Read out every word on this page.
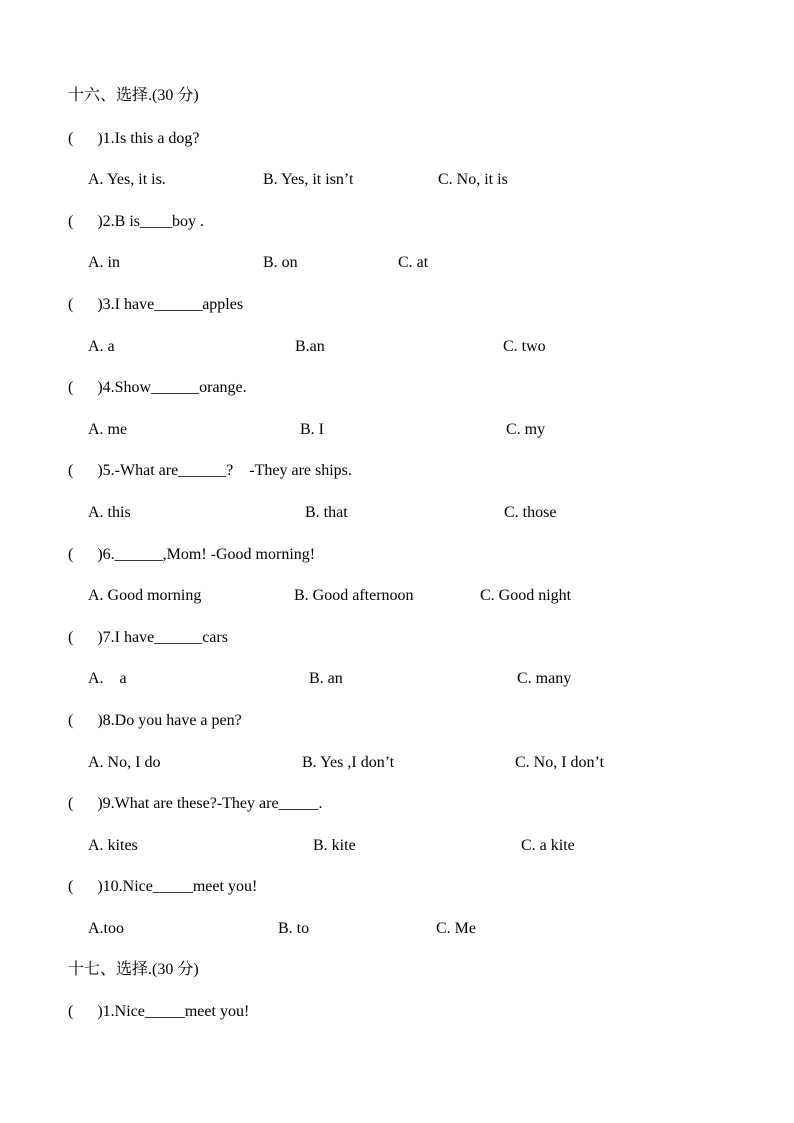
十六、选择.(30 分)
(      )1.Is this a dog?
A. Yes, it is.	B. Yes, it isn’t	C. No, it is
(      )2.B is____boy .
A. in	B. on	C. at
(      )3.I have______apples
A. a	B.an	C. two
(      )4.Show______orange.
A. me	B. I	C. my
(      )5.-What are______?    -They are ships.
A. this	B. that	C. those
(      )6.______,Mom! -Good morning!
A. Good morning	B. Good afternoon	C. Good night
(      )7.I have______cars
A.    a	B. an	C. many
(      )8.Do you have a pen?
A. No, I do	B. Yes ,I don’t	C. No, I don’t
(      )9.What are these?-They are_____.
A. kites	B. kite	C. a kite
(      )10.Nice_____meet you!
A.too	B. to	C. Me
十七、选择.(30 分)
(      )1.Nice_____meet you!
